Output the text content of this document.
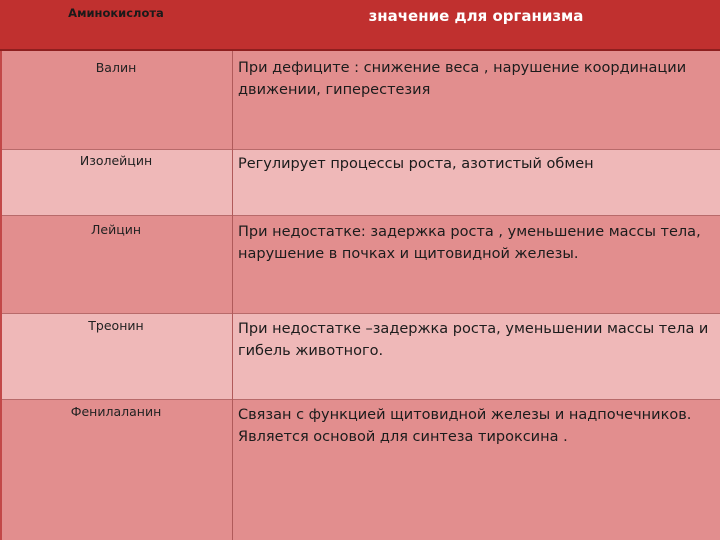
Аминокислота	значение для организма
Валин	При дефиците : снижение веса , нарушение координации
движении, гиперестезия
Изолейцин	Регулирует процессы роста, азотистый обмен
Лейцин	При недостатке: задержка роста , уменьшение массы тела,
нарушение в почках и щитовидной железы.
Треонин	При недостатке –задержка роста, уменьшении массы тела и
гибель животного.
Фенилаланин	Связан с функцией щитовидной железы и надпочечников.
Является основой для синтеза тироксина .
